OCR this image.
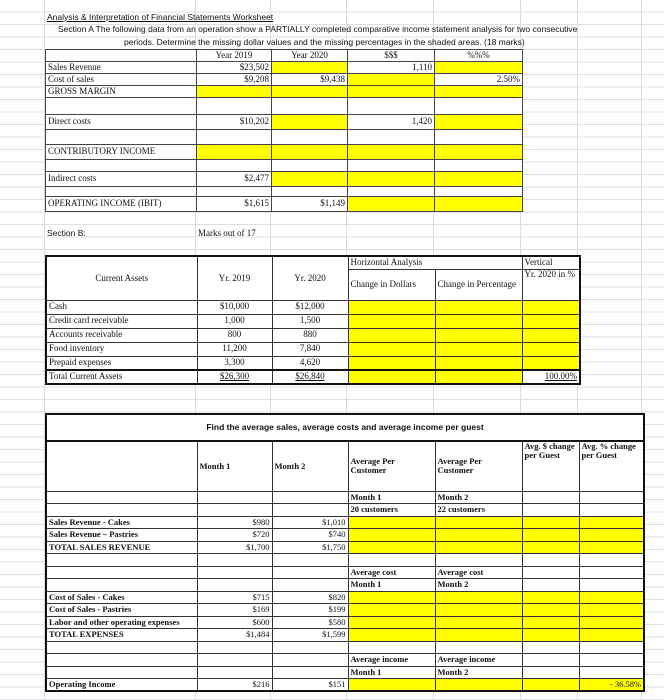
Analysis & Interpretation of Financial Statements Worksheet
Section A The following data from an operation show a PARTIALLY completed comparative income statement analysis for two consecutive
periods. Determine the missing dollar values and the missing percentages in the shaded areas. (18 marks)
	Year 2019	Year 2020	$$$	%%%
Sales Revenue	$23,502		1,110	
Cost of sales	$9,208	$9,438		2.50%
GROSS MARGIN				

Direct costs	$10,202		1,420	

CONTRIBUTORY INCOME				

Indirect costs	$2,477			

OPERATING INCOME (IBIT)	$1,615	$1,149		
Section B:	Marks out of 17
Current Assets	Yr. 2019	Yr. 2020	Horizontal Analysis		Vertical
			Change in Dollars	Change in Percentage	Yr. 2020 in %
Cash	$10,000	$12,000			
Credit card receivable	1,000	1,500			
Accounts receivable	800	880			
Food inventory	11,200	7,840			
Prepaid expenses	3,300	4,620			
Total Current Assets	$26,300	$26,840			100.00%
Find the average sales, average costs and average income per guest						
	Month 1	Month 2	Average Per Customer	Average Per Customer	Avg. $ change per Guest	Avg. % change per Guest
			Month 1	Month 2		
			20 customers	22 customers		
Sales Revenue - Cakes	$980	$1,010				
Sales Revenue – Pastries	$720	$740				
TOTAL SALES REVENUE	$1,700	$1,750				

			Average cost	Average cost		
			Month 1	Month 2		
Cost of Sales - Cakes	$715	$820				
Cost of Sales - Pastries	$169	$199				
Labor and other operating expenses	$600	$580				
TOTAL EXPENSES	$1,484	$1,599				

			Average income	Average income		
			Month 1	Month 2		
Operating Income	$216	$151				- 36.58%
